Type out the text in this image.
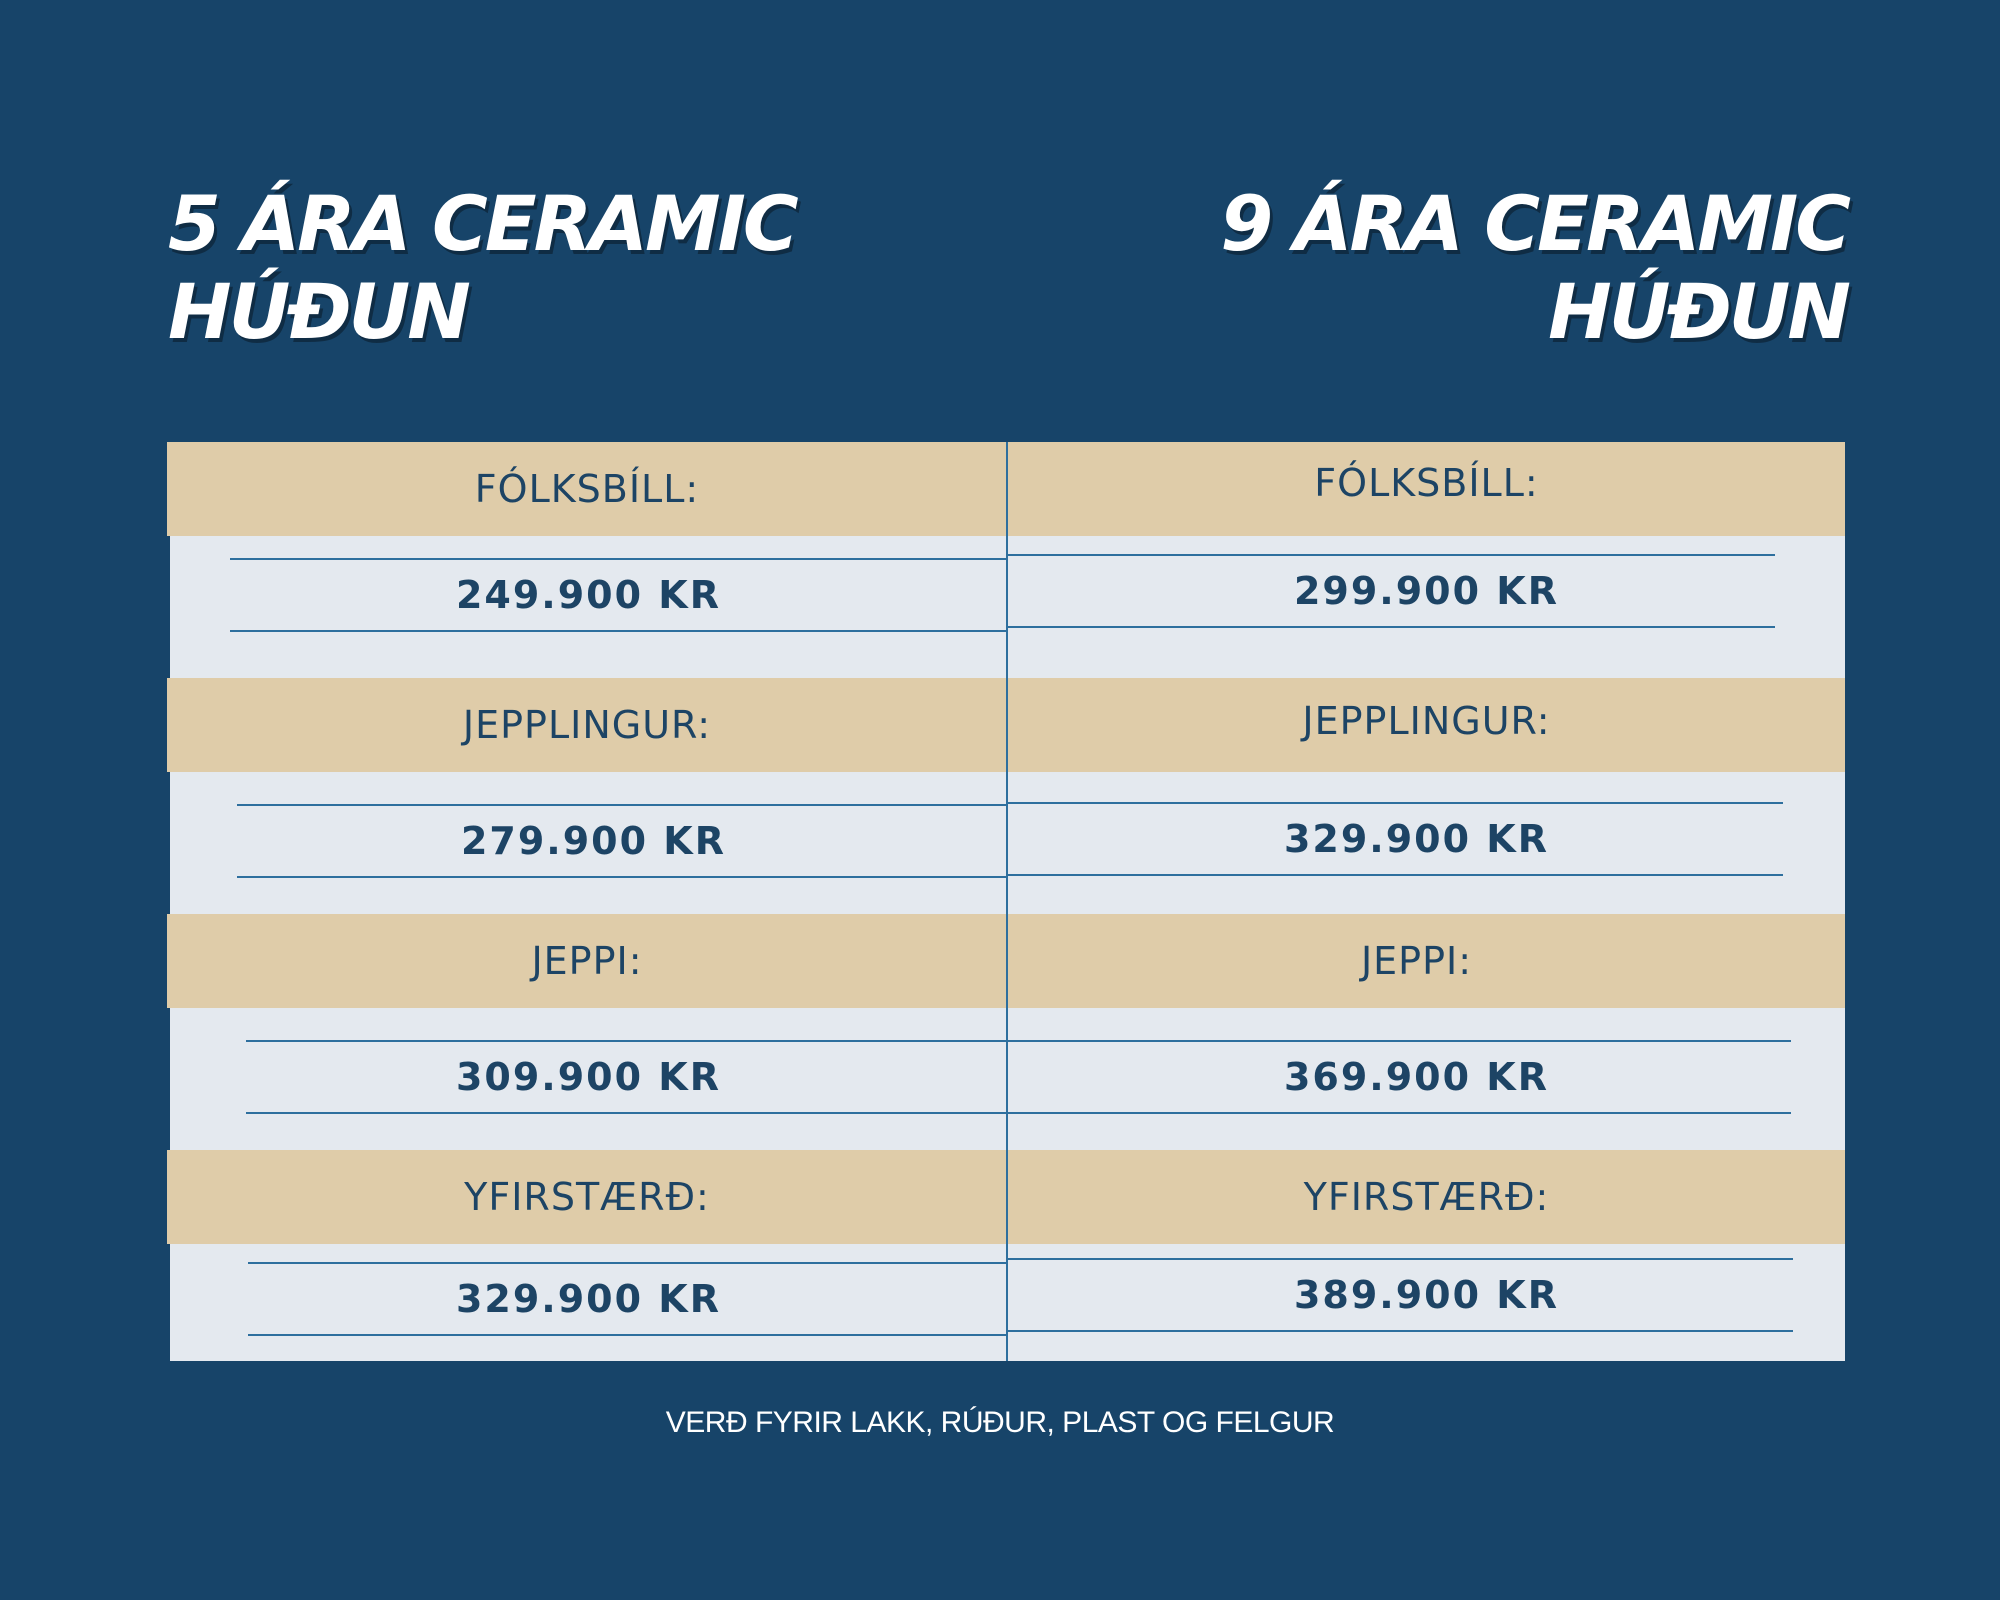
5 ÁRA CERAMIC
HÚÐUN
9 ÁRA CERAMIC
HÚÐUN
FÓLKSBÍLL:
249.900 KR
JEPPLINGUR:
279.900 KR
JEPPI:
309.900 KR
YFIRSTÆRÐ:
329.900 KR
FÓLKSBÍLL:
299.900 KR
JEPPLINGUR:
329.900 KR
JEPPI:
369.900 KR
YFIRSTÆRÐ:
389.900 KR
VERÐ FYRIR LAKK, RÚÐUR, PLAST OG FELGUR
